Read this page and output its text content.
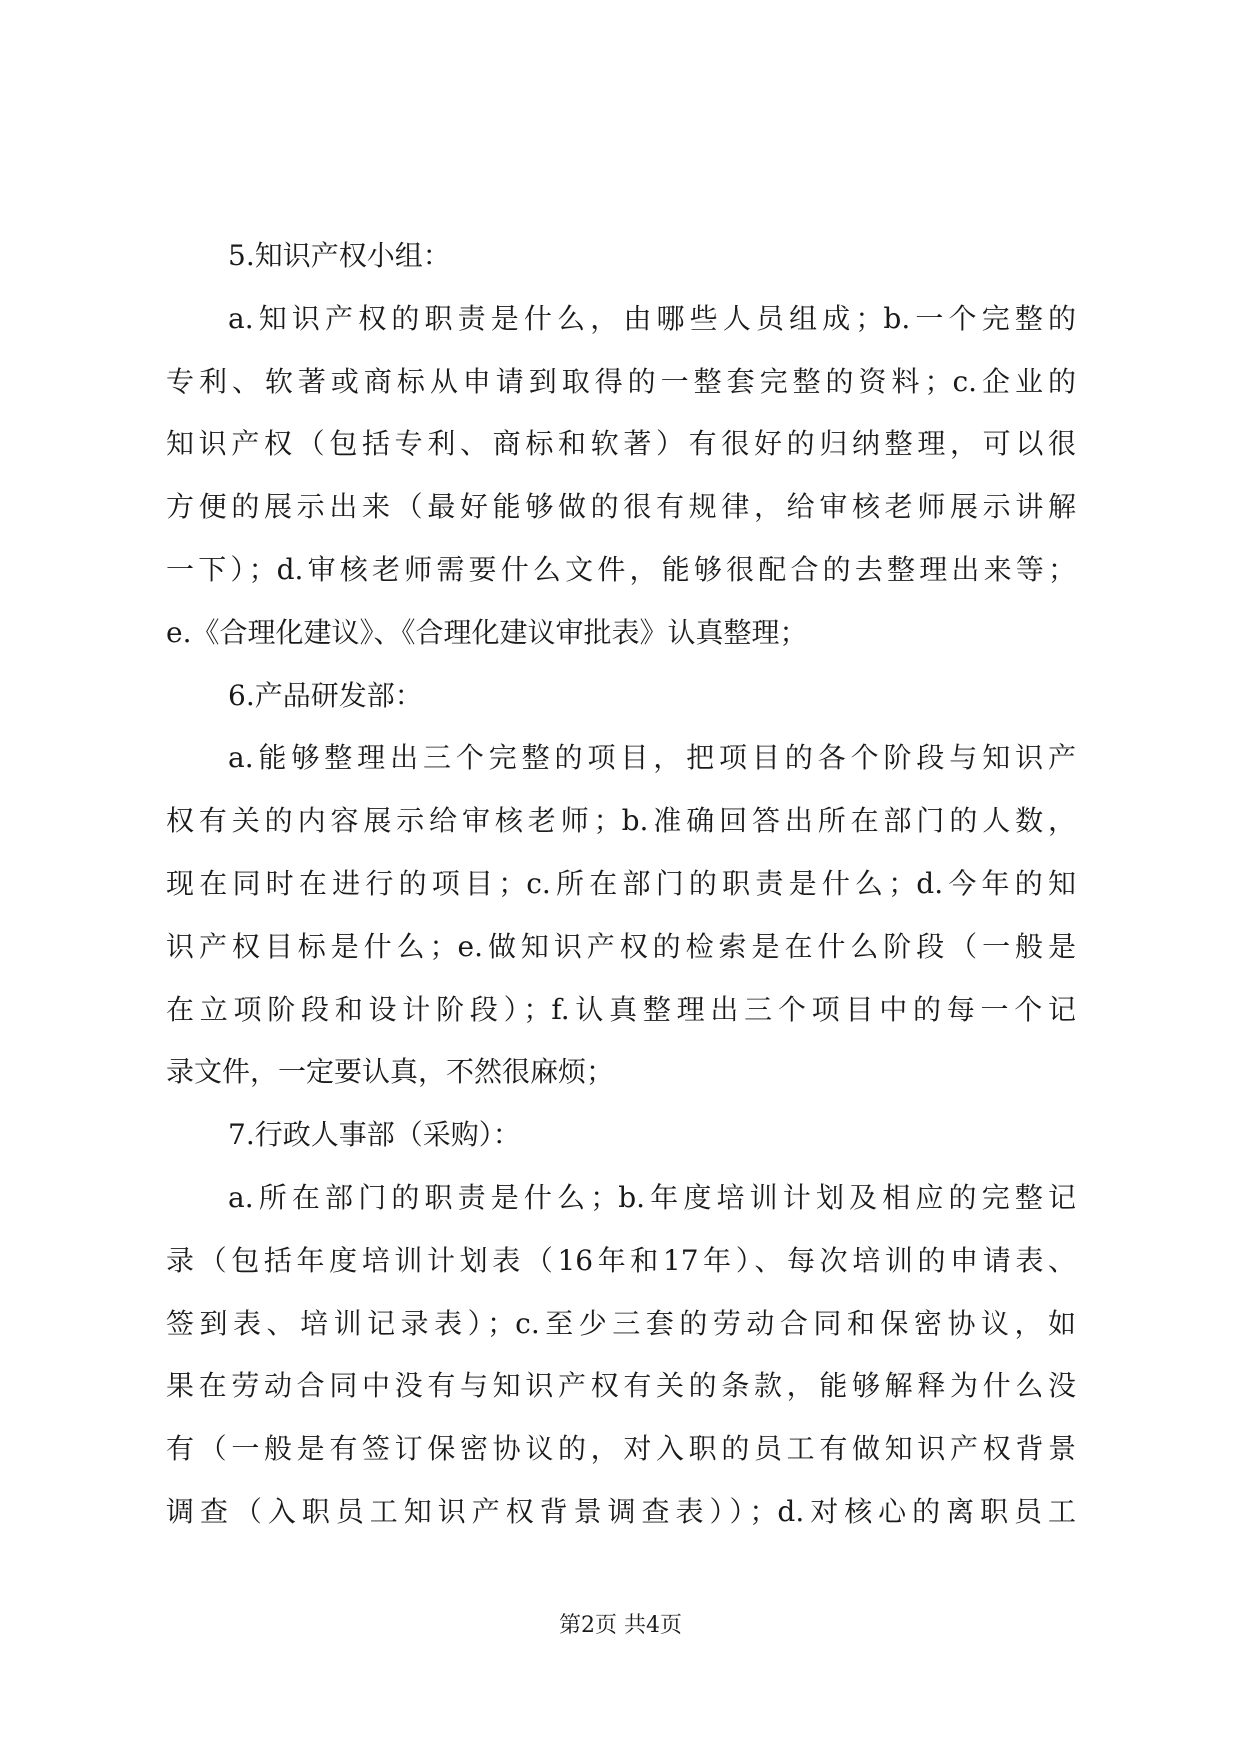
5.知识产权小组：
a.知识产权的职责是什么，由哪些人员组成；b.一个完整的
专利、软著或商标从申请到取得的一整套完整的资料；c.企业的
知识产权（包括专利、商标和软著）有很好的归纳整理，可以很
方便的展示出来（最好能够做的很有规律，给审核老师展示讲解
一下）；d.审核老师需要什么文件，能够很配合的去整理出来等；
e.《合理化建议》、《合理化建议审批表》认真整理；
6.产品研发部：
a.能够整理出三个完整的项目，把项目的各个阶段与知识产
权有关的内容展示给审核老师；b.准确回答出所在部门的人数，
现在同时在进行的项目；c.所在部门的职责是什么；d.今年的知
识产权目标是什么；e.做知识产权的检索是在什么阶段（一般是
在立项阶段和设计阶段）；f.认真整理出三个项目中的每一个记
录文件，一定要认真，不然很麻烦；
7.行政人事部（采购）：
a.所在部门的职责是什么；b.年度培训计划及相应的完整记
录（包括年度培训计划表（16年和17年）、每次培训的申请表、
签到表、培训记录表）；c.至少三套的劳动合同和保密协议，如
果在劳动合同中没有与知识产权有关的条款，能够解释为什么没
有（一般是有签订保密协议的，对入职的员工有做知识产权背景
调查（入职员工知识产权背景调查表））；d.对核心的离职员工
第2页 共4页
